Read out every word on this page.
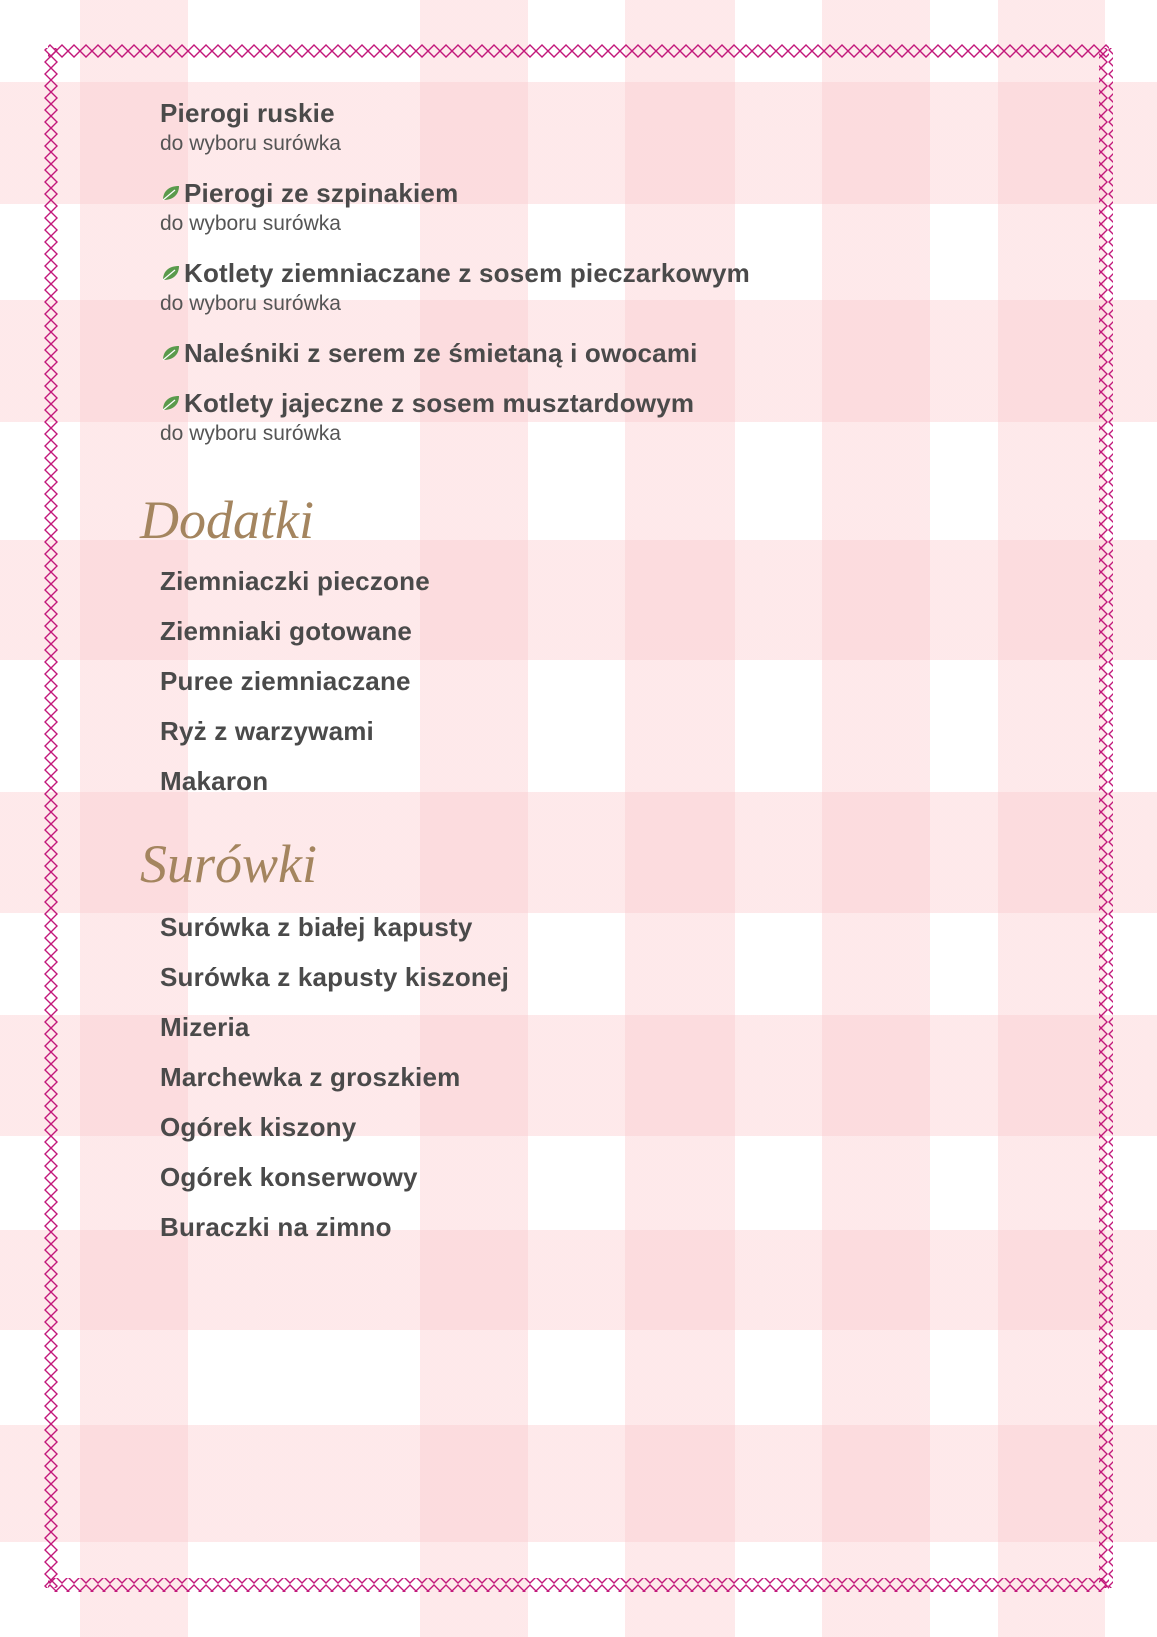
Pierogi ruskie
do wyboru surówka
Pierogi ze szpinakiem
do wyboru surówka
Kotlety ziemniaczane z sosem pieczarkowym
do wyboru surówka
Naleśniki z serem ze śmietaną i owocami
Kotlety jajeczne z sosem musztardowym
do wyboru surówka
Dodatki
Ziemniaczki pieczone
Ziemniaki gotowane
Puree ziemniaczane
Ryż z warzywami
Makaron
Surówki
Surówka z białej kapusty
Surówka z kapusty kiszonej
Mizeria
Marchewka z groszkiem
Ogórek kiszony
Ogórek konserwowy
Buraczki na zimno
